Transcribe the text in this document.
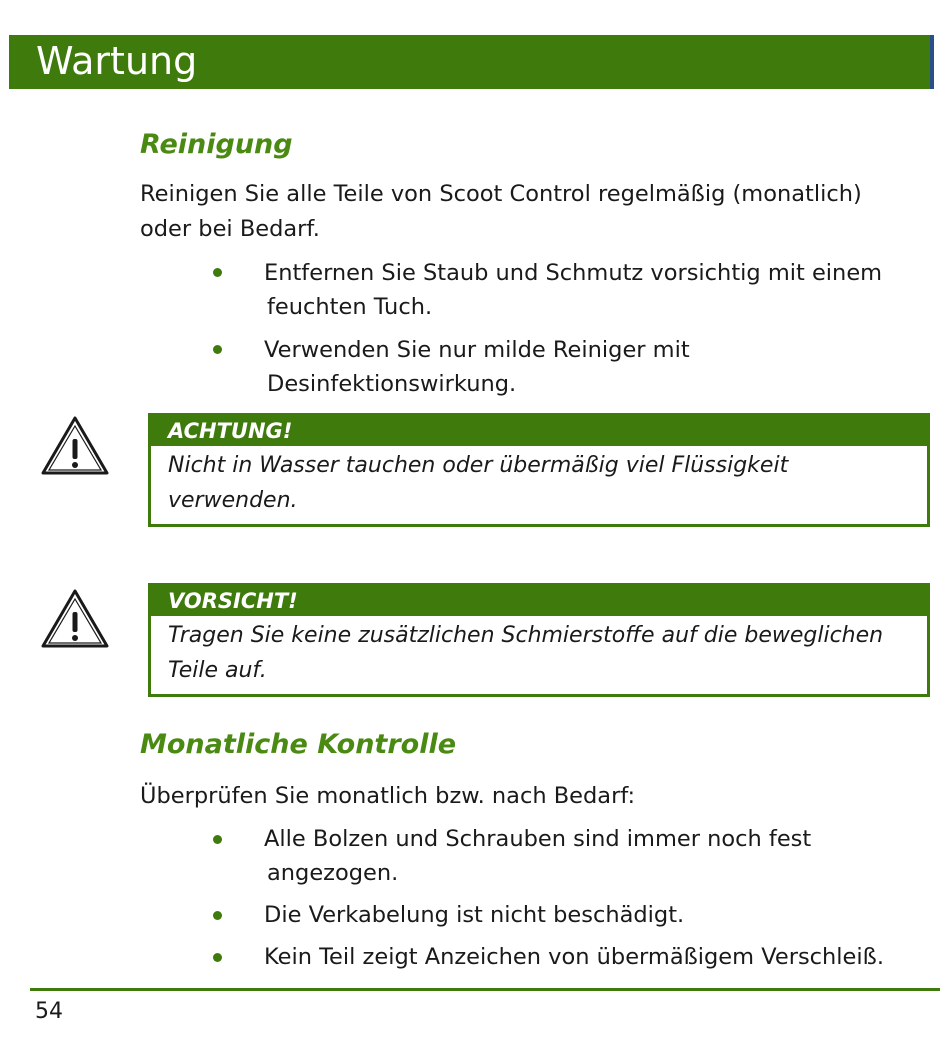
Wartung
Reinigung
Reinigen Sie alle Teile von Scoot Control regelmäßig (monatlich)
oder bei Bedarf.
Entfernen Sie Staub und Schmutz vorsichtig mit einem
feuchten Tuch.
Verwenden Sie nur milde Reiniger mit
Desinfektionswirkung.
ACHTUNG!
Nicht in Wasser tauchen oder übermäßig viel Flüssigkeit
verwenden.
VORSICHT!
Tragen Sie keine zusätzlichen Schmierstoffe auf die beweglichen
Teile auf.
Monatliche Kontrolle
Überprüfen Sie monatlich bzw. nach Bedarf:
Alle Bolzen und Schrauben sind immer noch fest
angezogen.
Die Verkabelung ist nicht beschädigt.
Kein Teil zeigt Anzeichen von übermäßigem Verschleiß.
54
